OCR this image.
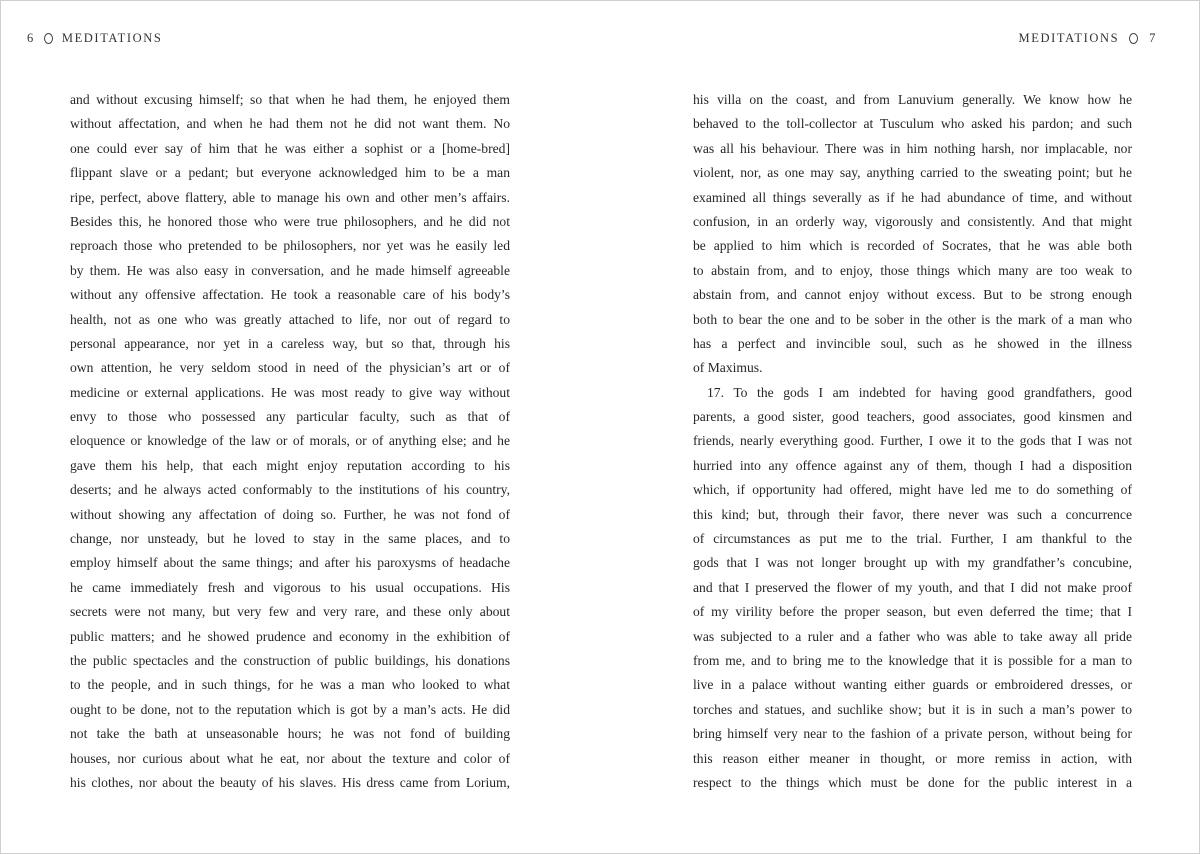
6 MEDITATIONS
and without excusing himself; so that when he had them, he enjoyed them
without affectation, and when he had them not he did not want them. No
one could ever say of him that he was either a sophist or a [home-bred]
flippant slave or a pedant; but everyone acknowledged him to be a man
ripe, perfect, above flattery, able to manage his own and other men’s affairs.
Besides this, he honored those who were true philosophers, and he did not
reproach those who pretended to be philosophers, nor yet was he easily led
by them. He was also easy in conversation, and he made himself agreeable
without any offensive affectation. He took a reasonable care of his body’s
health, not as one who was greatly attached to life, nor out of regard to
personal appearance, nor yet in a careless way, but so that, through his
own attention, he very seldom stood in need of the physician’s art or of
medicine or external applications. He was most ready to give way without
envy to those who possessed any particular faculty, such as that of
eloquence or knowledge of the law or of morals, or of anything else; and he
gave them his help, that each might enjoy reputation according to his
deserts; and he always acted conformably to the institutions of his country,
without showing any affectation of doing so. Further, he was not fond of
change, nor unsteady, but he loved to stay in the same places, and to
employ himself about the same things; and after his paroxysms of headache
he came immediately fresh and vigorous to his usual occupations. His
secrets were not many, but very few and very rare, and these only about
public matters; and he showed prudence and economy in the exhibition of
the public spectacles and the construction of public buildings, his donations
to the people, and in such things, for he was a man who looked to what
ought to be done, not to the reputation which is got by a man’s acts. He did
not take the bath at unseasonable hours; he was not fond of building
houses, nor curious about what he eat, nor about the texture and color of
his clothes, nor about the beauty of his slaves. His dress came from Lorium,
MEDITATIONS 7
his villa on the coast, and from Lanuvium generally. We know how he
behaved to the toll-collector at Tusculum who asked his pardon; and such
was all his behaviour. There was in him nothing harsh, nor implacable, nor
violent, nor, as one may say, anything carried to the sweating point; but he
examined all things severally as if he had abundance of time, and without
confusion, in an orderly way, vigorously and consistently. And that might
be applied to him which is recorded of Socrates, that he was able both
to abstain from, and to enjoy, those things which many are too weak to
abstain from, and cannot enjoy without excess. But to be strong enough
both to bear the one and to be sober in the other is the mark of a man who
has a perfect and invincible soul, such as he showed in the illness
of Maximus.
17. To the gods I am indebted for having good grandfathers, good
parents, a good sister, good teachers, good associates, good kinsmen and
friends, nearly everything good. Further, I owe it to the gods that I was not
hurried into any offence against any of them, though I had a disposition
which, if opportunity had offered, might have led me to do something of
this kind; but, through their favor, there never was such a concurrence
of circumstances as put me to the trial. Further, I am thankful to the
gods that I was not longer brought up with my grandfather’s concubine,
and that I preserved the flower of my youth, and that I did not make proof
of my virility before the proper season, but even deferred the time; that I
was subjected to a ruler and a father who was able to take away all pride
from me, and to bring me to the knowledge that it is possible for a man to
live in a palace without wanting either guards or embroidered dresses, or
torches and statues, and suchlike show; but it is in such a man’s power to
bring himself very near to the fashion of a private person, without being for
this reason either meaner in thought, or more remiss in action, with
respect to the things which must be done for the public interest in a
